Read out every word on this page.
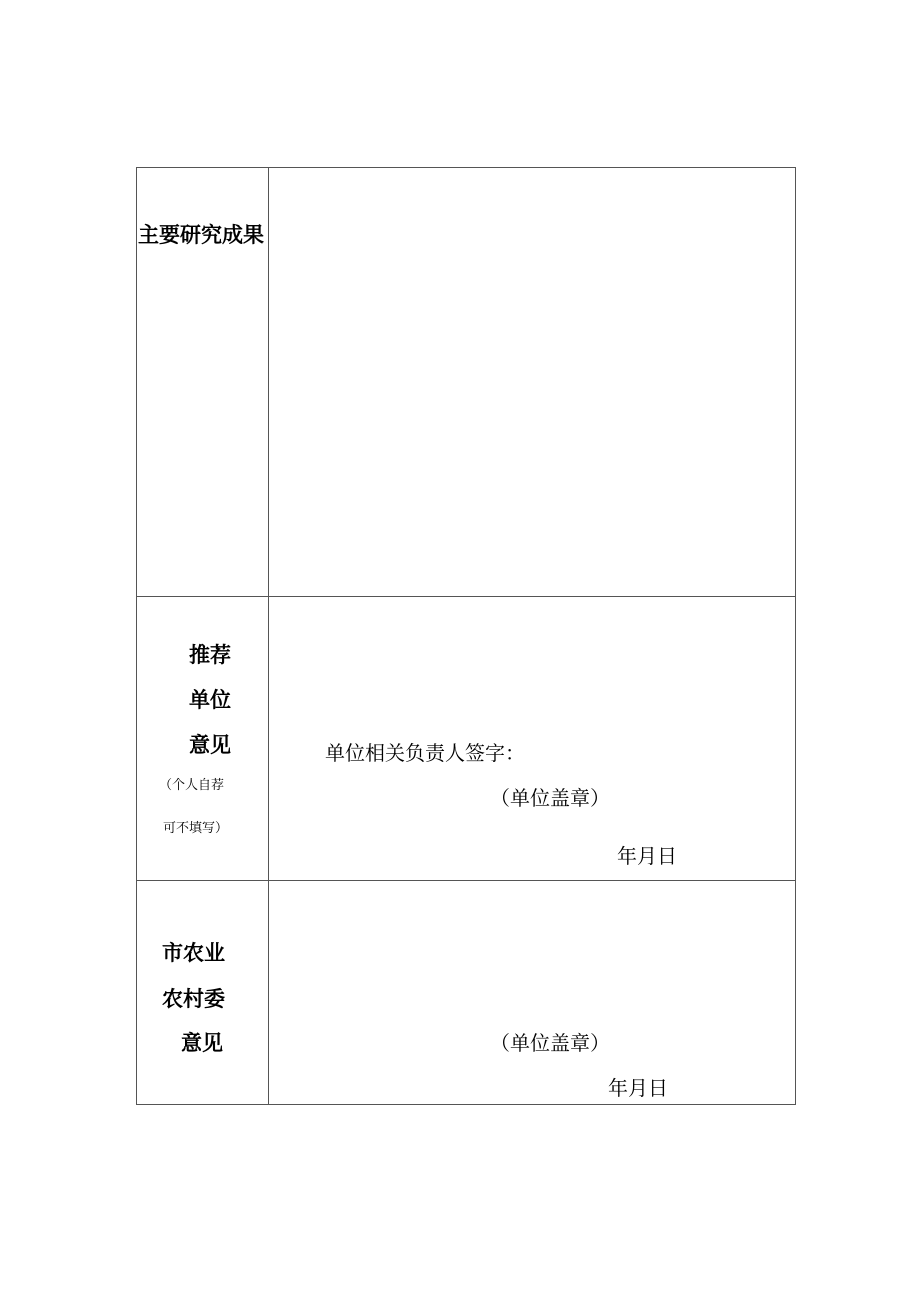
主要研究成果
推荐
单位
意见
（个人自荐
可不填写）
单位相关负责人签字：
（单位盖章）
年月日
市农业
农村委
意见	（单位盖章）
年月日
